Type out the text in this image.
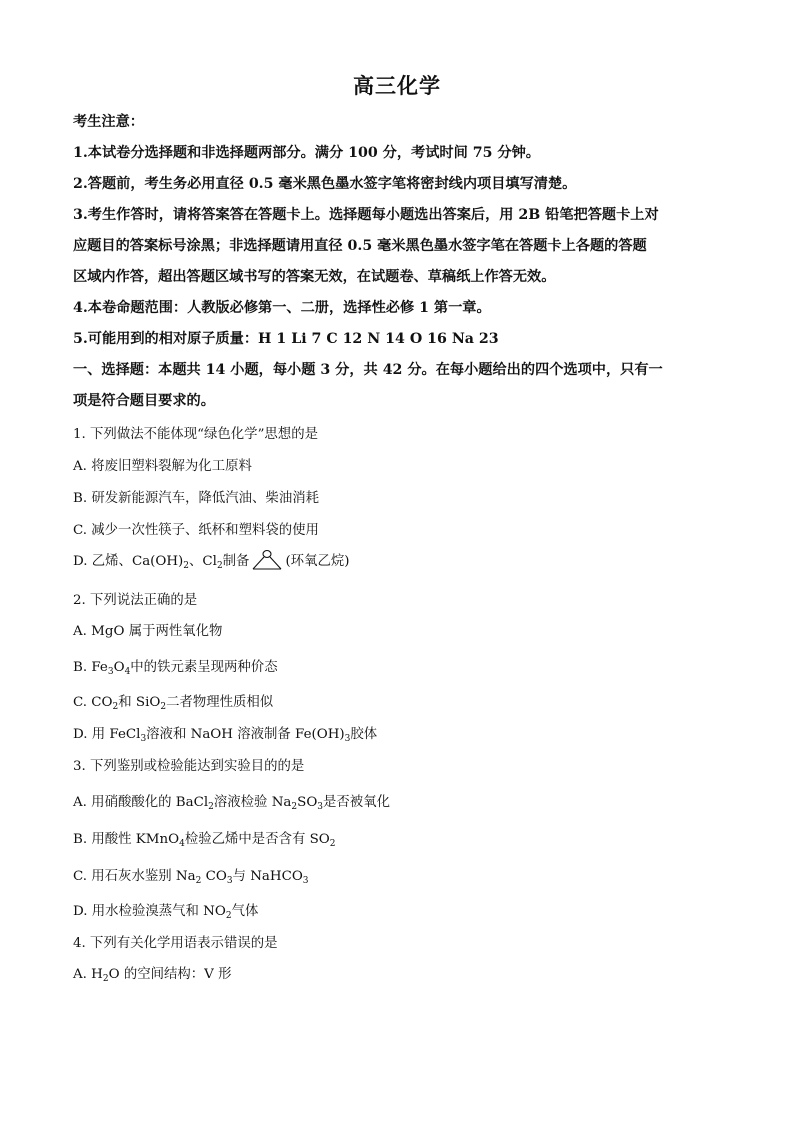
高三化学
考生注意：
1.本试卷分选择题和非选择题两部分。满分 100 分，考试时间 75 分钟。
2.答题前，考生务必用直径 0.5 毫米黑色墨水签字笔将密封线内项目填写清楚。
3.考生作答时，请将答案答在答题卡上。选择题每小题选出答案后，用 2B 铅笔把答题卡上对
应题目的答案标号涂黑；非选择题请用直径 0.5 毫米黑色墨水签字笔在答题卡上各题的答题
区域内作答，超出答题区域书写的答案无效，在试题卷、草稿纸上作答无效。
4.本卷命题范围：人教版必修第一、二册，选择性必修 1 第一章。
5.可能用到的相对原子质量：H 1 Li 7 C 12 N 14 O 16 Na 23
一、选择题：本题共 14 小题，每小题 3 分，共 42 分。在每小题给出的四个选项中，只有一
项是符合题目要求的。
1. 下列做法不能体现“绿色化学”思想的是
A. 将废旧塑料裂解为化工原料
B. 研发新能源汽车，降低汽油、柴油消耗
C. 减少一次性筷子、纸杯和塑料袋的使用
D. 乙烯、$Ca(OH)_2$、$Cl_2$制备	(环氧乙烷)
2. 下列说法正确的是
A. MgO 属于两性氧化物
B. $Fe_3O_4$中的铁元素呈现两种价态
C. $CO_2$和 SiO$_2$二者物理性质相似
D. 用 FeCl$_3$溶液和 NaOH 溶液制备 $Fe(OH)_3$胶体
3. 下列鉴别或检验能达到实验目的的是
A. 用硝酸酸化的 BaCl$_2$溶液检验 $Na_2SO_3$是否被氧化
B. 用酸性 KMnO$_4$检验乙烯中是否含有 $SO_2$
C. 用石灰水鉴别 $Na_2$ $CO_3$与 NaHCO$_3$
D. 用水检验溴蒸气和 $NO_2$气体
4. 下列有关化学用语表示错误的是
A. $H_2O$ 的空间结构：V 形
